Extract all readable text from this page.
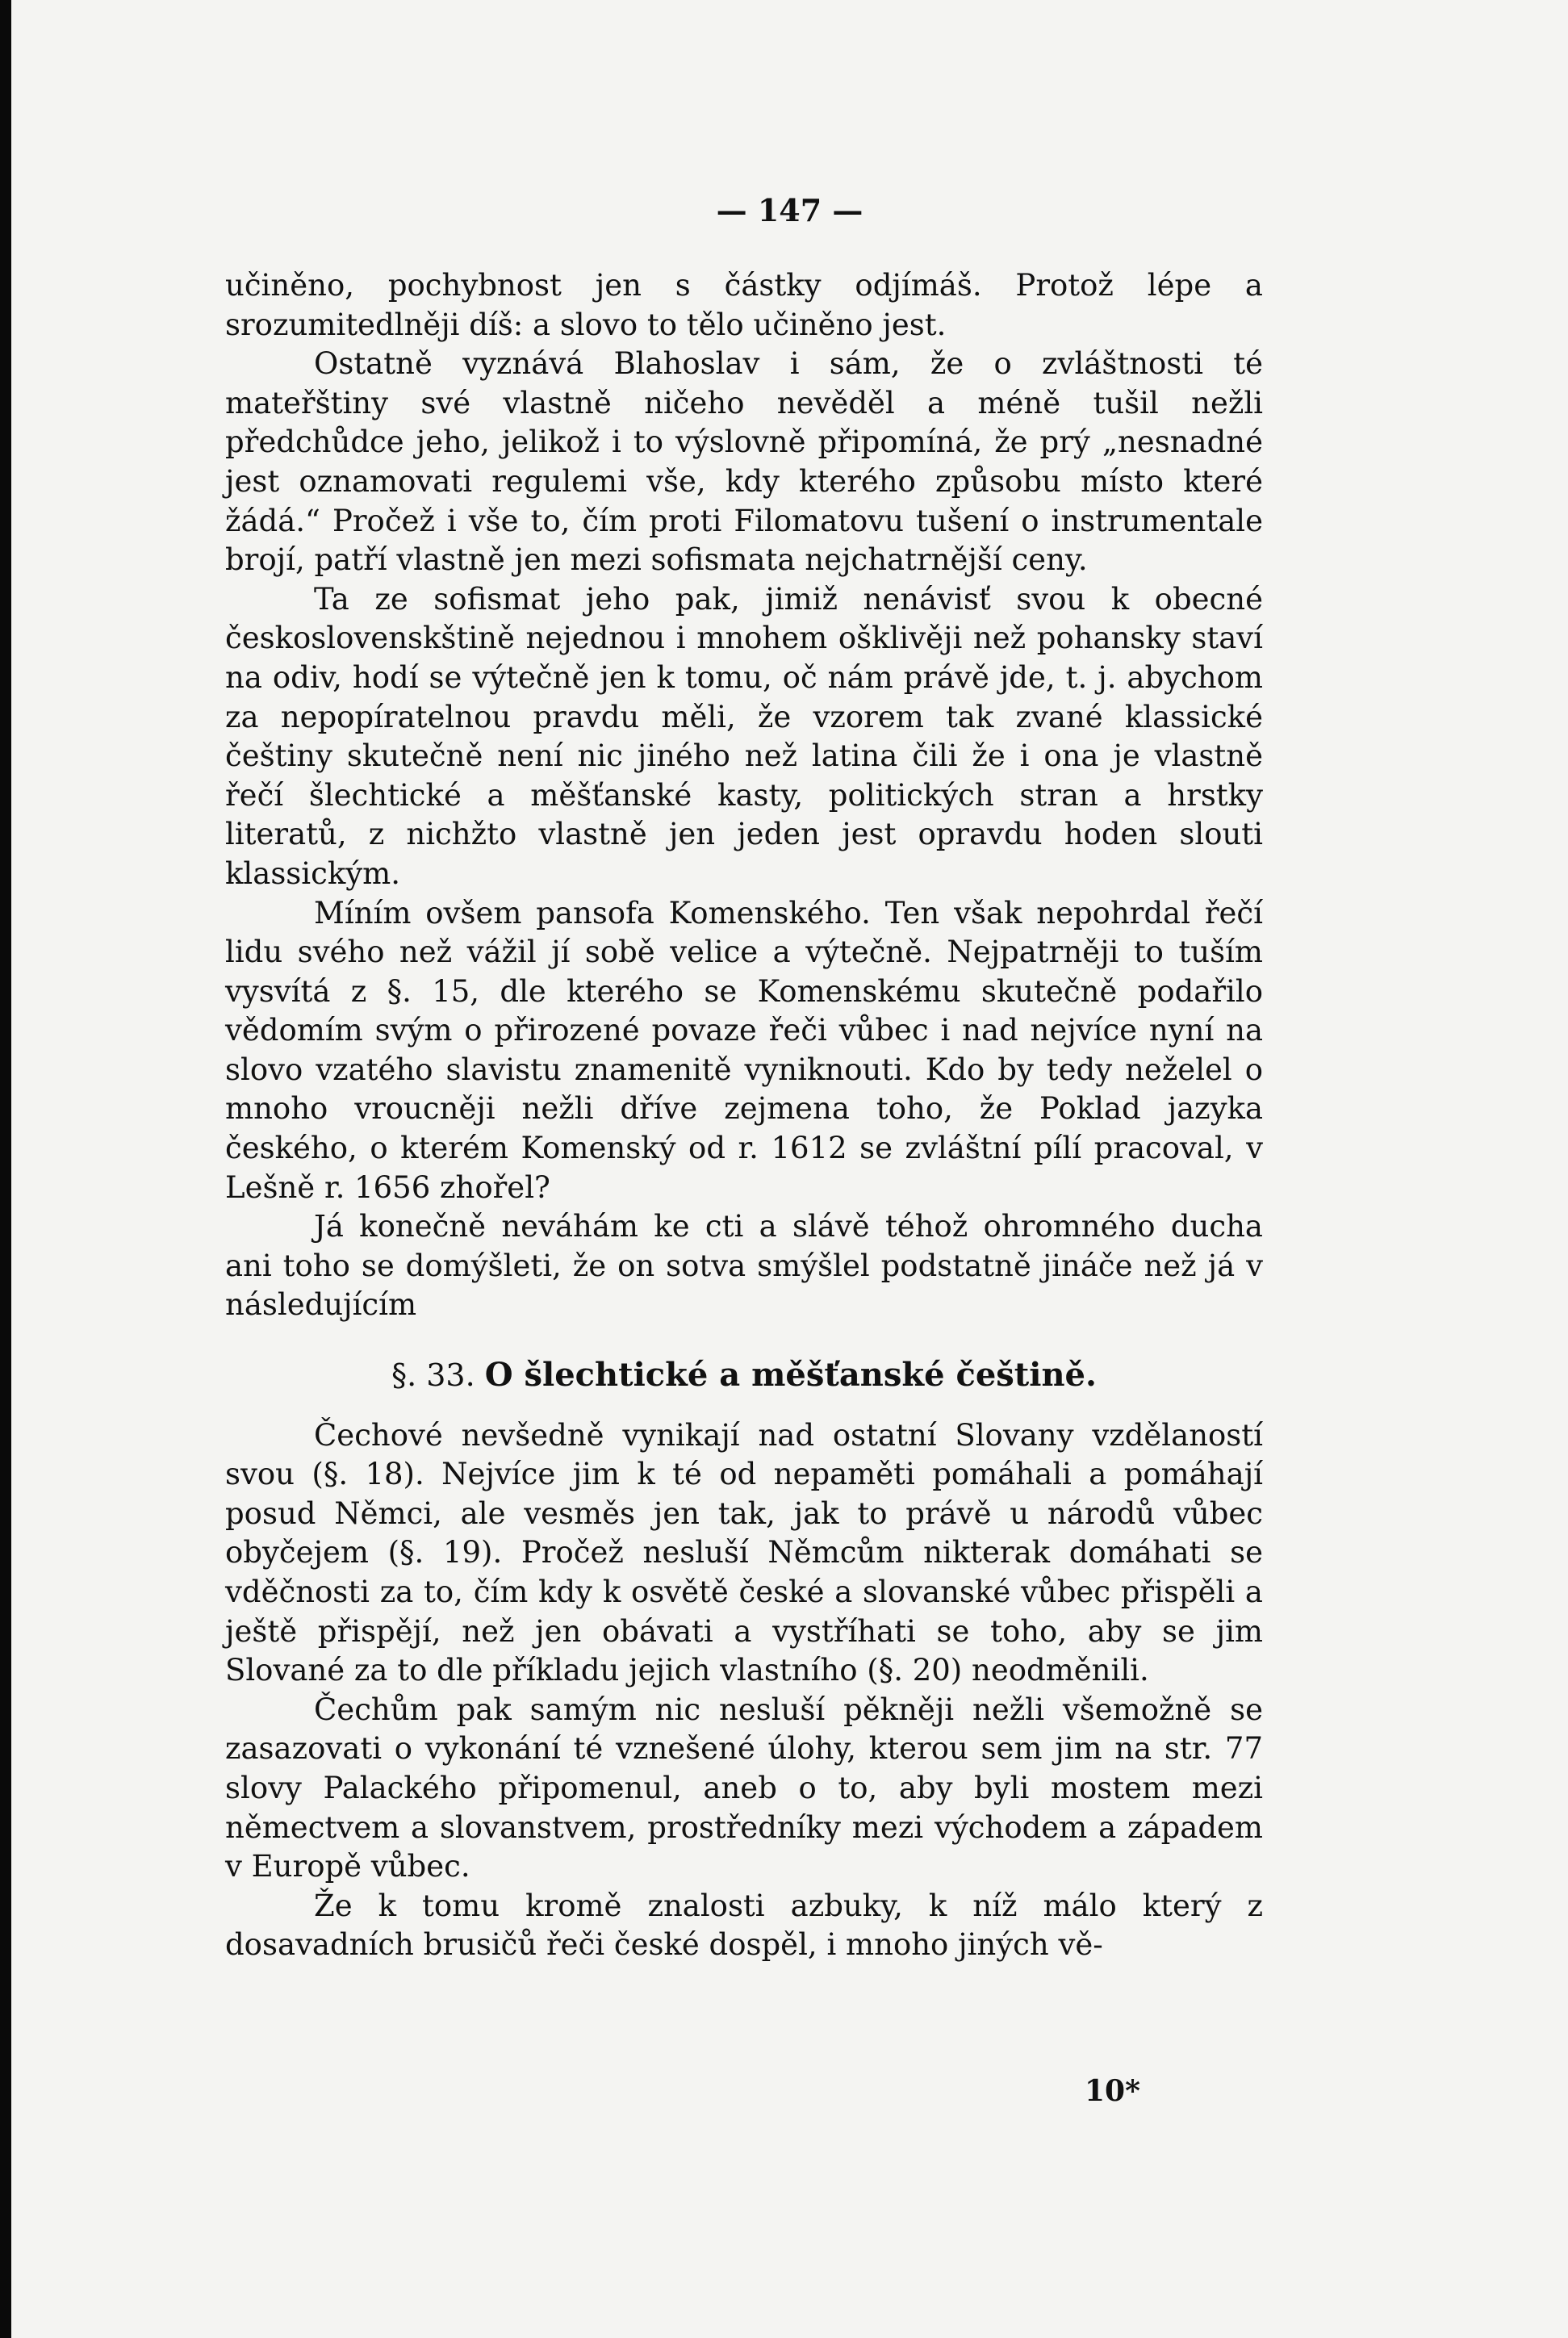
— 147 —

učiněno, pochybnost jen s částky odjímáš. Protož lépe a srozumitedlněji díš: a slovo to tělo učiněno jest.

Ostatně vyznává Blahoslav i sám, že o zvláštnosti té mateřštiny své vlastně ničeho nevěděl a méně tušil nežli předchůdce jeho, jelikož i to výslovně připomíná, že prý „nesnadné jest oznamovati regulemi vše, kdy kterého způsobu místo které žádá.“ Pročež i vše to, čím proti Filomatovu tušení o instrumentale brojí, patří vlastně jen mezi sofismata nejchatrnější ceny.

Ta ze sofismat jeho pak, jimiž nenávisť svou k obecné československštině nejednou i mnohem ošklivěji než pohansky staví na odiv, hodí se výtečně jen k tomu, oč nám právě jde, t. j. abychom za nepopíratelnou pravdu měli, že vzorem tak zvané klassické češtiny skutečně není nic jiného než latina čili že i ona je vlastně řečí šlechtické a měšťanské kasty, politických stran a hrstky literatů, z nichžto vlastně jen jeden jest opravdu hoden slouti klassickým.

Míním ovšem pansofa Komenského. Ten však nepohrdal řečí lidu svého než vážil jí sobě velice a výtečně. Nejpatrněji to tuším vysvítá z §. 15, dle kterého se Komenskému skutečně podařilo vědomím svým o přirozené povaze řeči vůbec i nad nejvíce nyní na slovo vzatého slavistu znamenitě vyniknouti. Kdo by tedy neželel o mnoho vroucněji nežli dříve zejmena toho, že Poklad jazyka českého, o kterém Komenský od r. 1612 se zvláštní pílí pracoval, v Lešně r. 1656 zhořel?

Já konečně neváhám ke cti a slávě téhož ohromného ducha ani toho se domýšleti, že on sotva smýšlel podstatně jináče než já v následujícím

§. 33. O šlechtické a měšťanské češtině.

Čechové nevšedně vynikají nad ostatní Slovany vzdělaností svou (§. 18). Nejvíce jim k té od nepaměti pomáhali a pomáhají posud Němci, ale vesměs jen tak, jak to právě u národů vůbec obyčejem (§. 19). Pročež nesluší Němcům nikterak domáhati se vděčnosti za to, čím kdy k osvětě české a slovanské vůbec přispěli a ještě přispějí, než jen obávati a vystříhati se toho, aby se jim Slované za to dle příkladu jejich vlastního (§. 20) neodměnili.

Čechům pak samým nic nesluší pěkněji nežli všemožně se zasazovati o vykonání té vznešené úlohy, kterou sem jim na str. 77 slovy Palackého připomenul, aneb o to, aby byli mostem mezi němectvem a slovanstvem, prostředníky mezi východem a západem v Europě vůbec.

Že k tomu kromě znalosti azbuky, k níž málo který z dosavadních brusičů řeči české dospěl, i mnoho jiných vě-

10*
